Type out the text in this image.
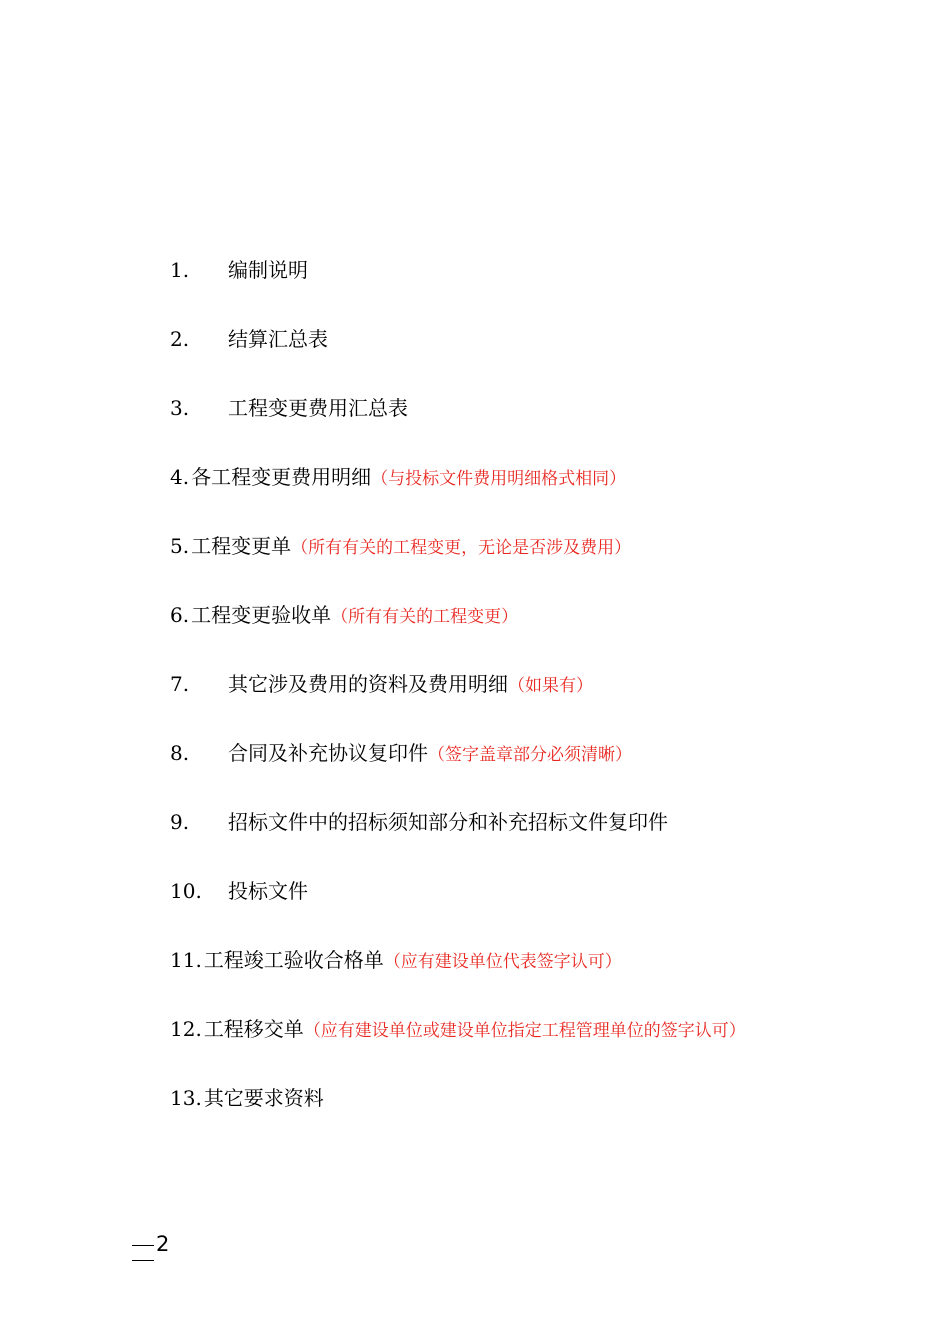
1. 编制说明
2. 结算汇总表
3. 工程变更费用汇总表
4. 各工程变更费用明细（与投标文件费用明细格式相同）
5. 工程变更单（所有有关的工程变更，无论是否涉及费用）
6. 工程变更验收单（所有有关的工程变更）
7. 其它涉及费用的资料及费用明细（如果有）
8. 合同及补充协议复印件（签字盖章部分必须清晰）
9. 招标文件中的招标须知部分和补充招标文件复印件
10. 投标文件
11. 工程竣工验收合格单（应有建设单位代表签字认可）
12. 工程移交单（应有建设单位或建设单位指定工程管理单位的签字认可）
13. 其它要求资料
2
